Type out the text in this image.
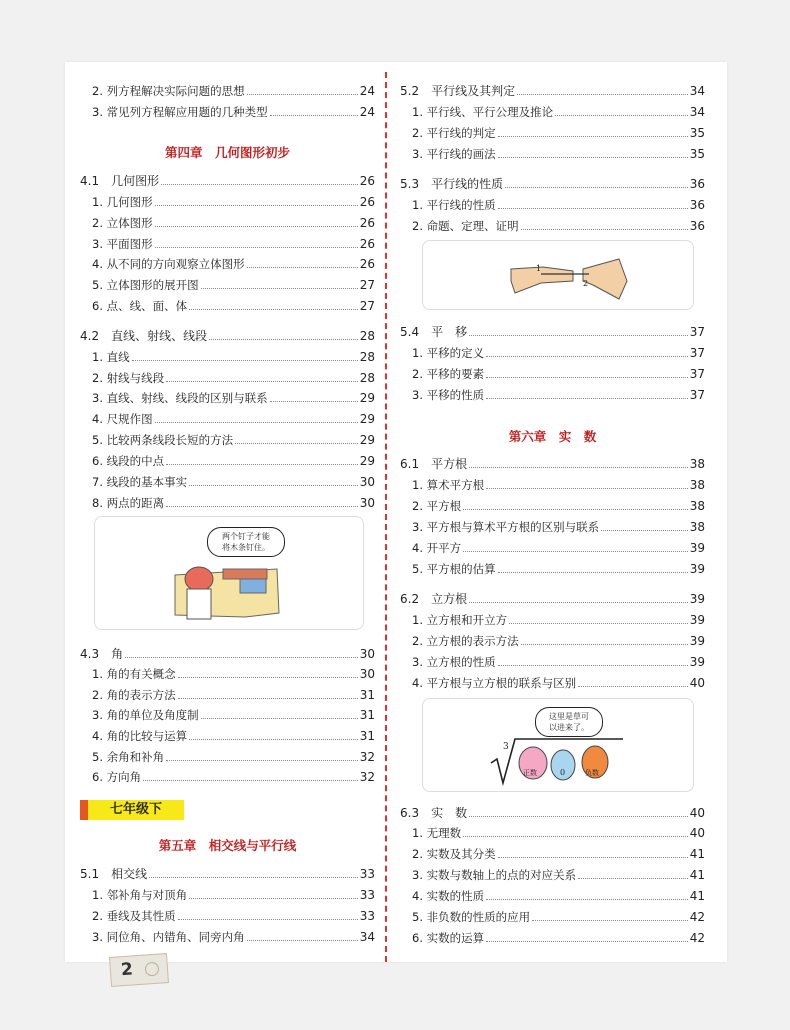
2. 列方程解决实际问题的思想	24
3. 常见列方程解应用题的几种类型	24
4.1　几何图形	26
1. 几何图形	26
2. 立体图形	26
3. 平面图形	26
4. 从不同的方向观察立体图形	26
5. 立体图形的展开图	27
6. 点、线、面、体	27
4.2　直线、射线、线段	28
1. 直线	28
2. 射线与线段	28
3. 直线、射线、线段的区别与联系	29
4. 尺规作图	29
5. 比较两条线段长短的方法	29
6. 线段的中点	29
7. 线段的基本事实	30
8. 两点的距离	30
4.3　角	30
1. 角的有关概念	30
2. 角的表示方法	31
3. 角的单位及角度制	31
4. 角的比较与运算	31
5. 余角和补角	32
6. 方向角	32
5.1　相交线	33
1. 邻补角与对顶角	33
2. 垂线及其性质	33
3. 同位角、内错角、同旁内角	34
5.2　平行线及其判定	34
1. 平行线、平行公理及推论	34
2. 平行线的判定	35
3. 平行线的画法	35
5.3　平行线的性质	36
1. 平行线的性质	36
2. 命题、定理、证明	36
5.4　平　移	37
1. 平移的定义	37
2. 平移的要素	37
3. 平移的性质	37
6.1　平方根	38
1. 算术平方根	38
2. 平方根	38
3. 平方根与算术平方根的区别与联系	38
4. 开平方	39
5. 平方根的估算	39
6.2　立方根	39
1. 立方根和开立方	39
2. 立方根的表示方法	39
3. 立方根的性质	39
4. 平方根与立方根的联系与区别	40
6.3　实　数	40
1. 无理数	40
2. 实数及其分类	41
3. 实数与数轴上的点的对应关系	41
4. 实数的性质	41
5. 非负数的性质的应用	42
6. 实数的运算	42
第四章　几何图形初步
第五章　相交线与平行线
第六章　实　数
七年级下
两个钉子才能
将木条钉住。
1
2
这里是草可
以进来了。
3
正数	0	负数
2
